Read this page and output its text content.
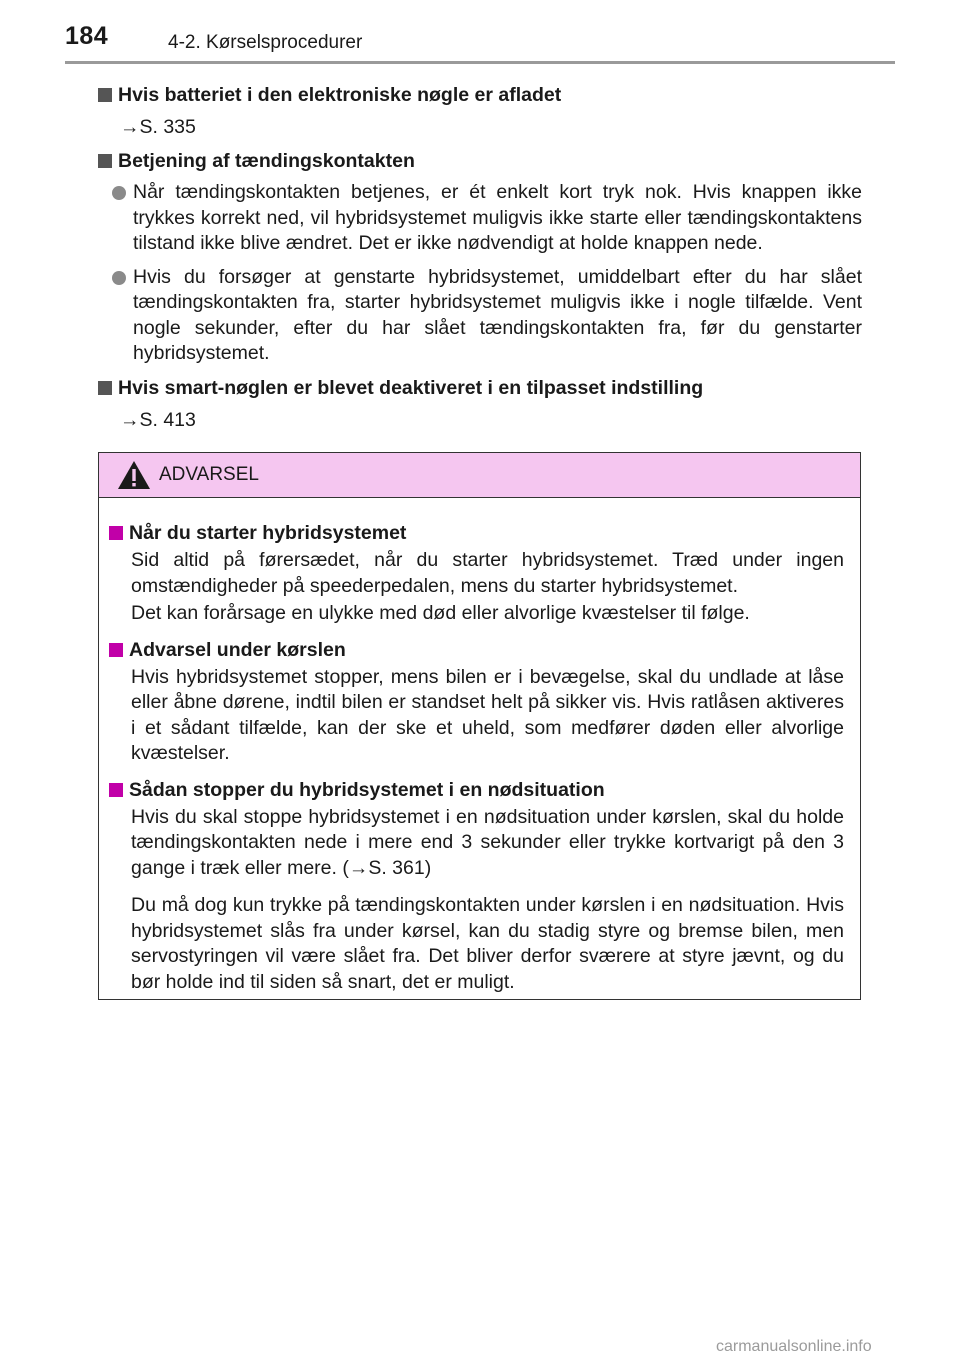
184	4-2. Kørselsprocedurer
Hvis batteriet i den elektroniske nøgle er afladet
→S. 335
Betjening af tændingskontakten
Når tændingskontakten betjenes, er ét enkelt kort tryk nok. Hvis knappen ikke trykkes korrekt ned, vil hybridsystemet muligvis ikke starte eller tændingskontaktens tilstand ikke blive ændret. Det er ikke nødvendigt at holde knappen nede.
Hvis du forsøger at genstarte hybridsystemet, umiddelbart efter du har slået tændingskontakten fra, starter hybridsystemet muligvis ikke i nogle tilfælde. Vent nogle sekunder, efter du har slået tændingskontakten fra, før du genstarter hybridsystemet.
Hvis smart-nøglen er blevet deaktiveret i en tilpasset indstilling
→S. 413
ADVARSEL
Når du starter hybridsystemet
Sid altid på førersædet, når du starter hybridsystemet. Træd under ingen omstændigheder på speederpedalen, mens du starter hybridsystemet.
Det kan forårsage en ulykke med død eller alvorlige kvæstelser til følge.
Advarsel under kørslen
Hvis hybridsystemet stopper, mens bilen er i bevægelse, skal du undlade at låse eller åbne dørene, indtil bilen er standset helt på sikker vis. Hvis ratlåsen aktiveres i et sådant tilfælde, kan der ske et uheld, som medfører døden eller alvorlige kvæstelser.
Sådan stopper du hybridsystemet i en nødsituation
Hvis du skal stoppe hybridsystemet i en nødsituation under kørslen, skal du holde tændingskontakten nede i mere end 3 sekunder eller trykke kortvarigt på den 3 gange i træk eller mere. (→S. 361)
Du må dog kun trykke på tændingskontakten under kørslen i en nødsituation. Hvis hybridsystemet slås fra under kørsel, kan du stadig styre og bremse bilen, men servostyringen vil være slået fra. Det bliver derfor sværere at styre jævnt, og du bør holde ind til siden så snart, det er muligt.
carmanualsonline.info
